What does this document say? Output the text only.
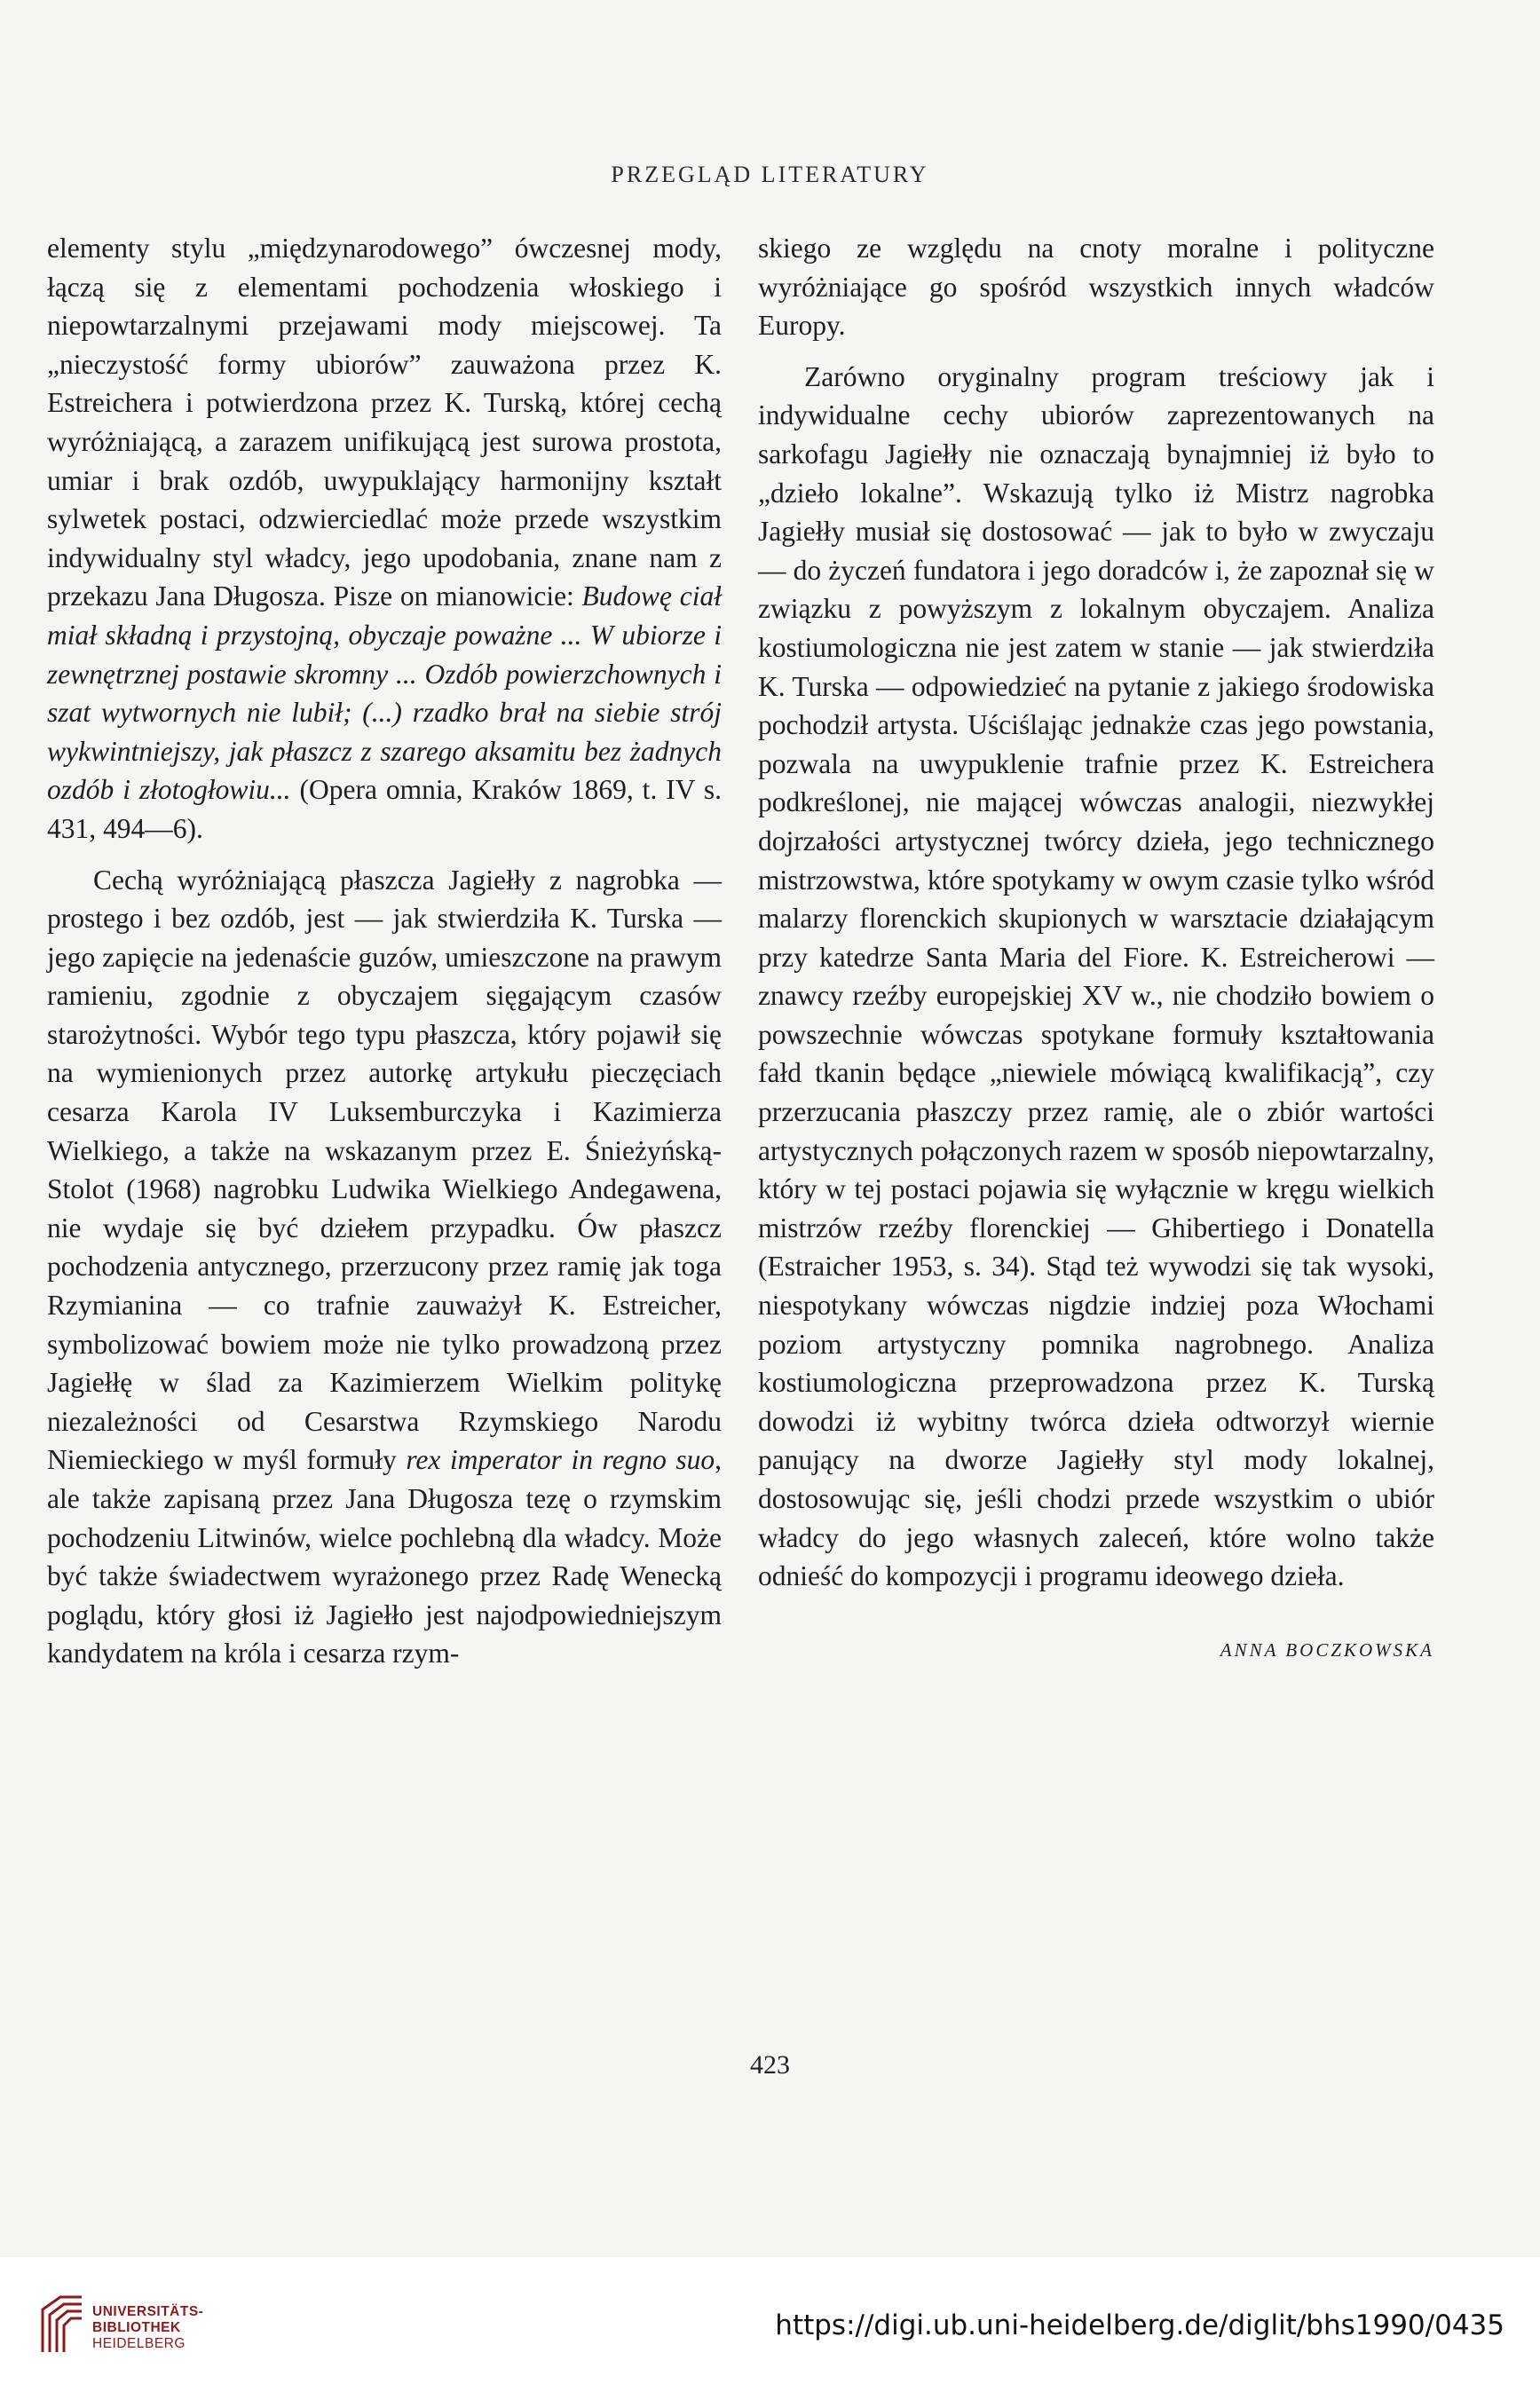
PRZEGLĄD LITERATURY

elementy stylu „międzynarodowego” ówczesnej mody, łączą się z elementami pochodzenia włoskiego i niepowtarzalnymi przejawami mody miejscowej. Ta „nieczystość formy ubiorów” zauważona przez K. Estreichera i potwierdzona przez K. Turską, której cechą wyróżniającą, a zarazem unifikującą jest surowa prostota, umiar i brak ozdób, uwypuklający harmonijny kształt sylwetek postaci, odzwierciedlać może przede wszystkim indywidualny styl władcy, jego upodobania, znane nam z przekazu Jana Długosza. Pisze on mianowicie: Budowę ciał miał składną i przystojną, obyczaje poważne ... W ubiorze i zewnętrznej postawie skromny ... Ozdób powierzchownych i szat wytwornych nie lubił; (...) rzadko brał na siebie strój wykwintniejszy, jak płaszcz z szarego aksamitu bez żadnych ozdób i złotogłowiu... (Opera omnia, Kraków 1869, t. IV s. 431, 494—6).

Cechą wyróżniającą płaszcza Jagiełły z nagrobka — prostego i bez ozdób, jest — jak stwierdziła K. Turska — jego zapięcie na jedenaście guzów, umieszczone na prawym ramieniu, zgodnie z obyczajem sięgającym czasów starożytności. Wybór tego typu płaszcza, który pojawił się na wymienionych przez autorkę artykułu pieczęciach cesarza Karola IV Luksemburczyka i Kazimierza Wielkiego, a także na wskazanym przez E. Śnieżyńską-Stolot (1968) nagrobku Ludwika Wielkiego Andegawena, nie wydaje się być dziełem przypadku. Ów płaszcz pochodzenia antycznego, przerzucony przez ramię jak toga Rzymianina — co trafnie zauważył K. Estreicher, symbolizować bowiem może nie tylko prowadzoną przez Jagiełłę w ślad za Kazimierzem Wielkim politykę niezależności od Cesarstwa Rzymskiego Narodu Niemieckiego w myśl formuły rex imperator in regno suo, ale także zapisaną przez Jana Długosza tezę o rzymskim pochodzeniu Litwinów, wielce pochlebną dla władcy. Może być także świadectwem wyrażonego przez Radę Wenecką poglądu, który głosi iż Jagiełło jest najodpowiedniejszym kandydatem na króla i cesarza rzym-

skiego ze względu na cnoty moralne i polityczne wyróżniające go spośród wszystkich innych władców Europy.

Zarówno oryginalny program treściowy jak i indywidualne cechy ubiorów zaprezentowanych na sarkofagu Jagiełły nie oznaczają bynajmniej iż było to „dzieło lokalne”. Wskazują tylko iż Mistrz nagrobka Jagiełły musiał się dostosować — jak to było w zwyczaju — do życzeń fundatora i jego doradców i, że zapoznał się w związku z powyższym z lokalnym obyczajem. Analiza kostiumologiczna nie jest zatem w stanie — jak stwierdziła K. Turska — odpowiedzieć na pytanie z jakiego środowiska pochodził artysta. Uściślając jednakże czas jego powstania, pozwala na uwypuklenie trafnie przez K. Estreichera podkreślonej, nie mającej wówczas analogii, niezwykłej dojrzałości artystycznej twórcy dzieła, jego technicznego mistrzowstwa, które spotykamy w owym czasie tylko wśród malarzy florenckich skupionych w warsztacie działającym przy katedrze Santa Maria del Fiore. K. Estreicherowi — znawcy rzeźby europejskiej XV w., nie chodziło bowiem o powszechnie wówczas spotykane formuły kształtowania fałd tkanin będące „niewiele mówiącą kwalifikacją”, czy przerzucania płaszczy przez ramię, ale o zbiór wartości artystycznych połączonych razem w sposób niepowtarzalny, który w tej postaci pojawia się wyłącznie w kręgu wielkich mistrzów rzeźby florenckiej — Ghibertiego i Donatella (Estraicher 1953, s. 34). Stąd też wywodzi się tak wysoki, niespotykany wówczas nigdzie indziej poza Włochami poziom artystyczny pomnika nagrobnego. Analiza kostiumologiczna przeprowadzona przez K. Turską dowodzi iż wybitny twórca dzieła odtworzył wiernie panujący na dworze Jagiełły styl mody lokalnej, dostosowując się, jeśli chodzi przede wszystkim o ubiór władcy do jego własnych zaleceń, które wolno także odnieść do kompozycji i programu ideowego dzieła.

ANNA BOCZKOWSKA
423
UNIVERSITÄTS-
BIBLIOTHEK
HEIDELBERG
https://digi.ub.uni-heidelberg.de/diglit/bhs1990/0435
